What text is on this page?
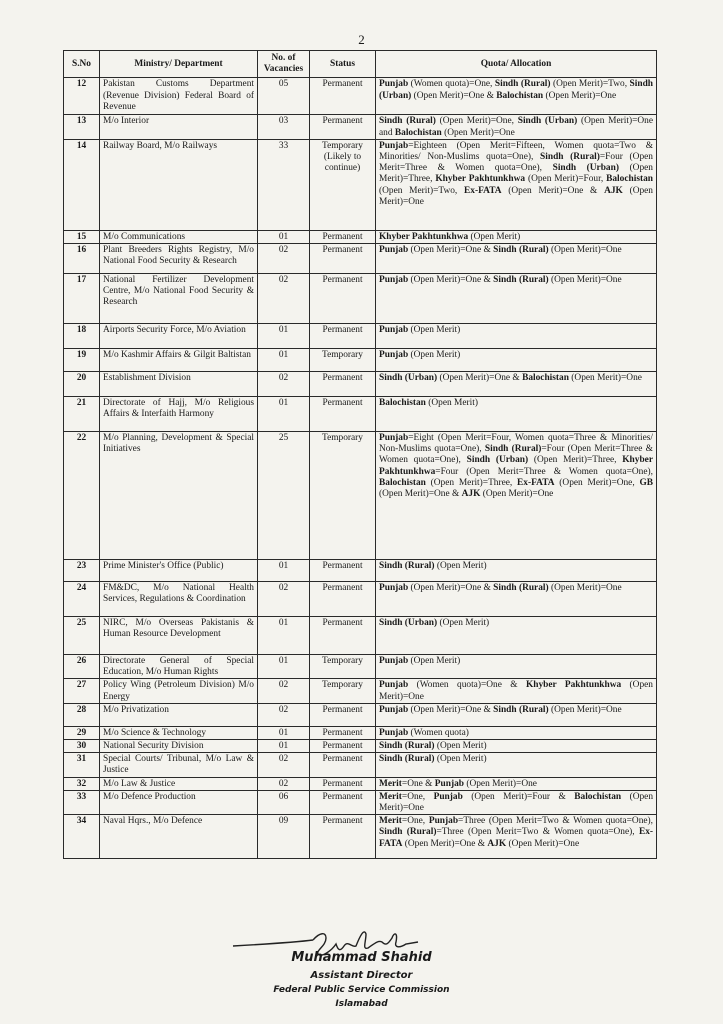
2
S.No	Ministry/ Department	No. of Vacancies	Status	Quota/ Allocation
12	Pakistan Customs Department (Revenue Division) Federal Board of Revenue	05	Permanent	Punjab (Women quota)=One, Sindh (Rural) (Open Merit)=Two, Sindh (Urban) (Open Merit)=One & Balochistan (Open Merit)=One
13	M/o Interior	03	Permanent	Sindh (Rural) (Open Merit)=One, Sindh (Urban) (Open Merit)=One and Balochistan (Open Merit)=One
14	Railway Board, M/o Railways	33	Temporary (Likely to continue)	Punjab=Eighteen (Open Merit=Fifteen, Women quota=Two & Minorities/ Non-Muslims quota=One), Sindh (Rural)=Four (Open Merit=Three & Women quota=One), Sindh (Urban) (Open Merit)=Three, Khyber Pakhtunkhwa (Open Merit)=Four, Balochistan (Open Merit)=Two, Ex-FATA (Open Merit)=One & AJK (Open Merit)=One
15	M/o Communications	01	Permanent	Khyber Pakhtunkhwa (Open Merit)
16	Plant Breeders Rights Registry, M/o National Food Security & Research	02	Permanent	Punjab (Open Merit)=One & Sindh (Rural) (Open Merit)=One
17	National Fertilizer Development Centre, M/o National Food Security & Research	02	Permanent	Punjab (Open Merit)=One & Sindh (Rural) (Open Merit)=One
18	Airports Security Force, M/o Aviation	01	Permanent	Punjab (Open Merit)
19	M/o Kashmir Affairs & Gilgit Baltistan	01	Temporary	Punjab (Open Merit)
20	Establishment Division	02	Permanent	Sindh (Urban) (Open Merit)=One & Balochistan (Open Merit)=One
21	Directorate of Hajj, M/o Religious Affairs & Interfaith Harmony	01	Permanent	Balochistan (Open Merit)
22	M/o Planning, Development & Special Initiatives	25	Temporary	Punjab=Eight (Open Merit=Four, Women quota=Three & Minorities/ Non-Muslims quota=One), Sindh (Rural)=Four (Open Merit=Three & Women quota=One), Sindh (Urban) (Open Merit)=Three, Khyber Pakhtunkhwa=Four (Open Merit=Three & Women quota=One), Balochistan (Open Merit)=Three, Ex-FATA (Open Merit)=One, GB (Open Merit)=One & AJK (Open Merit)=One
23	Prime Minister's Office (Public)	01	Permanent	Sindh (Rural) (Open Merit)
24	FM&DC, M/o National Health Services, Regulations & Coordination	02	Permanent	Punjab (Open Merit)=One & Sindh (Rural) (Open Merit)=One
25	NIRC, M/o Overseas Pakistanis & Human Resource Development	01	Permanent	Sindh (Urban) (Open Merit)
26	Directorate General of Special Education, M/o Human Rights	01	Temporary	Punjab (Open Merit)
27	Policy Wing (Petroleum Division) M/o Energy	02	Temporary	Punjab (Women quota)=One & Khyber Pakhtunkhwa (Open Merit)=One
28	M/o Privatization	02	Permanent	Punjab (Open Merit)=One & Sindh (Rural) (Open Merit)=One
29	M/o Science & Technology	01	Permanent	Punjab (Women quota)
30	National Security Division	01	Permanent	Sindh (Rural) (Open Merit)
31	Special Courts/ Tribunal, M/o Law & Justice	02	Permanent	Sindh (Rural) (Open Merit)
32	M/o Law & Justice	02	Permanent	Merit=One & Punjab (Open Merit)=One
33	M/o Defence Production	06	Permanent	Merit=One, Punjab (Open Merit)=Four & Balochistan (Open Merit)=One
34	Naval Hqrs., M/o Defence	09	Permanent	Merit=One, Punjab=Three (Open Merit=Two & Women quota=One), Sindh (Rural)=Three (Open Merit=Two & Women quota=One), Ex-FATA (Open Merit)=One & AJK (Open Merit)=One
Muhammad Shahid
Assistant Director
Federal Public Service Commission
Islamabad
